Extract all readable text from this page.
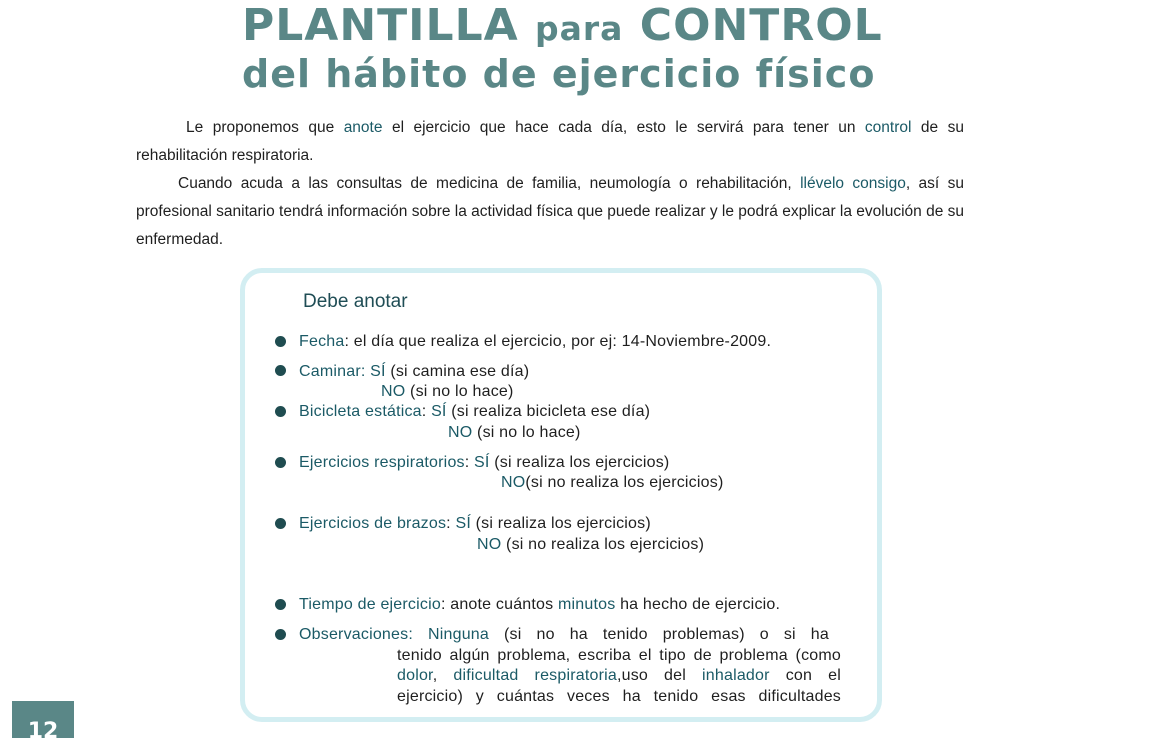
PLANTILLA para CONTROL
del hábito de ejercicio físico

Le proponemos que anote el ejercicio que hace cada día, esto le servirá para tener un control de su rehabilitación respiratoria.

Cuando acuda a las consultas de medicina de familia, neumología o rehabilitación, llévelo consigo, así su profesional sanitario tendrá información sobre la actividad física que puede realizar y le podrá explicar la evolución de su enfermedad.

Debe anotar
Fecha: el día que realiza el ejercicio, por ej: 14-Noviembre-2009.
Caminar: SÍ (si camina ese día)
NO (si no lo hace)
Bicicleta estática: SÍ (si realiza bicicleta ese día)
NO (si no lo hace)
Ejercicios respiratorios: SÍ (si realiza los ejercicios)
NO(si no realiza los ejercicios)
Ejercicios de brazos: SÍ (si realiza los ejercicios)
NO (si no realiza los ejercicios)
Tiempo de ejercicio: anote cuántos minutos ha hecho de ejercicio.
Observaciones: Ninguna (si no ha tenido problemas) o si ha
tenido algún problema, escriba el tipo de problema (como
dolor, dificultad respiratoria,uso del inhalador con el
ejercicio) y cuántas veces ha tenido esas dificultades
12
